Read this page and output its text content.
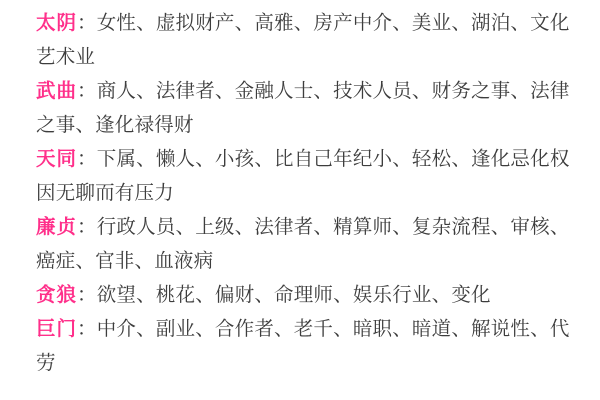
太阴：女性、虚拟财产、高雅、房产中介、美业、湖泊、文化艺术业

武曲：商人、法律者、金融人士、技术人员、财务之事、法律之事、逢化禄得财

天同：下属、懒人、小孩、比自己年纪小、轻松、逢化忌化权因无聊而有压力

廉贞：行政人员、上级、法律者、精算师、复杂流程、审核、癌症、官非、血液病

贪狼：欲望、桃花、偏财、命理师、娱乐行业、变化

巨门：中介、副业、合作者、老千、暗职、暗道、解说性、代劳
